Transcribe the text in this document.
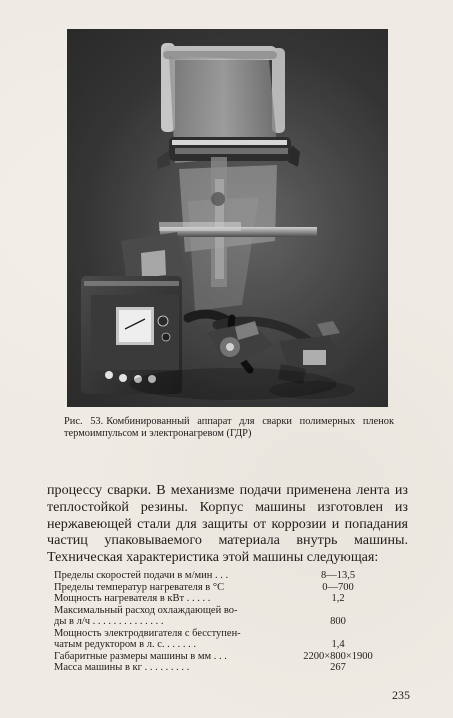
Рис. 53. Комбинированный аппарат для сварки полимерных пленок термоимпульсом и электронагревом (ГДР)

процессу сварки. В механизме подачи применена лента из теплостойкой резины. Корпус машины изготовлен из нержавеющей стали для защиты от коррозии и попадания частиц упаковываемого материала внутрь машины. Техническая характеристика этой машины следующая:

Пределы скоростей подачи в м/мин . . .	8—13,5
Пределы температур нагревателя в °С	0—700
Мощность нагревателя в кВт . . . . .	1,2
Максимальный расход охлаждающей во-
ды в л/ч . . . . . . . . . . . . . .	800
Мощность электродвигателя с бесступен-
чатым редуктором в л. с. . . . . . .	1,4
Габаритные размеры машины в мм . . .	2200×800×1900
Масса машины в кг . . . . . . . . .	267

235
